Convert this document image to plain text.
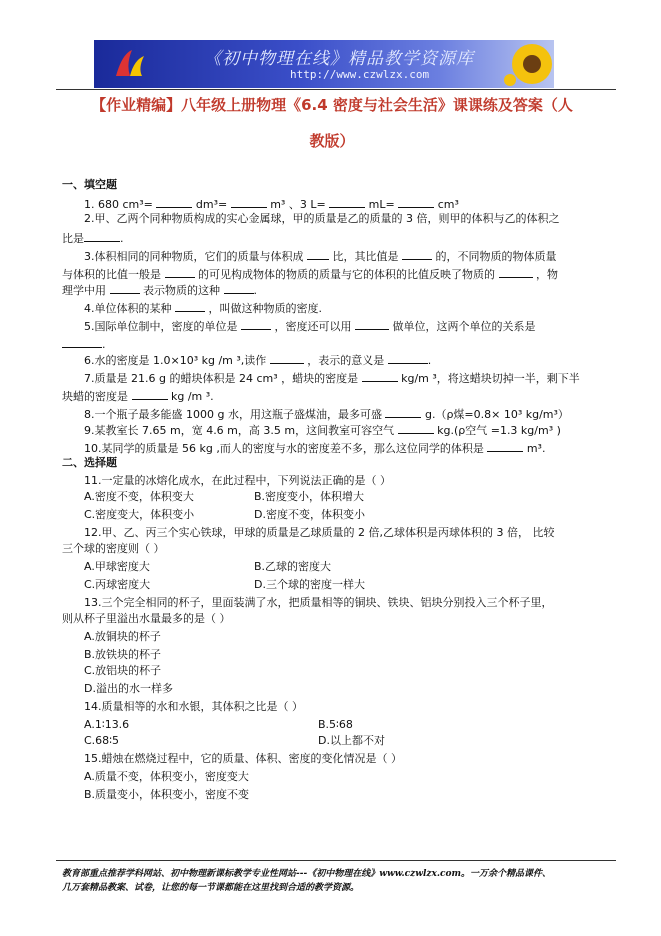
《初中物理在线》精品教学资源库
http://www.czwlzx.com
【作业精编】八年级上册物理《6.4 密度与社会生活》课课练及答案（人
教版）
一、填空题
1. 680 cm³=	dm³=	m³ 、3 L=	mL=	cm³
2.甲、乙两个同种物质构成的实心金属球，甲的质量是乙的质量的 3 倍，则甲的体积与乙的体积之
比是	.
3.体积相同的同种物质，它们的质量与体积成  比，其比值是	的，不同物质的物体质量
与体积的比值一般是	的可见构成物体的物质的质量与它的体积的比值反映了物质的	，物
理学中用	表示物质的这种	.
4.单位体积的某种	，叫做这种物质的密度.
5.国际单位制中，密度的单位是	，密度还可以用	做单位，这两个单位的关系是
.
6.水的密度是 1.0×10³ kg /m ³,读作	，表示的意义是	.
7.质量是 21.6 g 的蜡块体积是 24 cm³ ，蜡块的密度是	kg/m ³，将这蜡块切掉一半，剩下半
块蜡的密度是	kg /m ³.
8.一个瓶子最多能盛 1000 g 水，用这瓶子盛煤油，最多可盛	g.（ρ煤=0.8× 10³ kg/m³）
9.某教室长 7.65 m，宽 4.6 m，高 3.5 m，这间教室可容空气	kg.(ρ空气 =1.3 kg/m³ )
10.某同学的质量是 56 kg ,而人的密度与水的密度差不多，那么这位同学的体积是	m³.
二、选择题
11.一定量的冰熔化成水，在此过程中，下列说法正确的是（ ）
A.密度不变，体积变大	B.密度变小，体积增大
C.密度变大，体积变小	D.密度不变，体积变小
12.甲、乙、丙三个实心铁球，甲球的质量是乙球质量的 2 倍,乙球体积是丙球体积的 3 倍， 比较
三个球的密度则（ ）
A.甲球密度大	B.乙球的密度大
C.丙球密度大	D.三个球的密度一样大
13.三个完全相同的杯子，里面装满了水，把质量相等的铜块、铁块、铝块分别投入三个杯子里，
则从杯子里溢出水量最多的是（ ）
A.放铜块的杯子
B.放铁块的杯子
C.放铝块的杯子
D.溢出的水一样多
14.质量相等的水和水银，其体积之比是（ ）
A.1∶13.6	B.5∶68
C.68∶5	D.以上都不对
15.蜡烛在燃烧过程中，它的质量、体积、密度的变化情况是（ ）
A.质量不变，体积变小，密度变大
B.质量变小，体积变小，密度不变
教育部重点推荐学科网站、初中物理新课标教学专业性网站---《初中物理在线》www.czwlzx.com。一万余个精品课件、
几万套精品教案、试卷，让您的每一节课都能在这里找到合适的教学资源。
